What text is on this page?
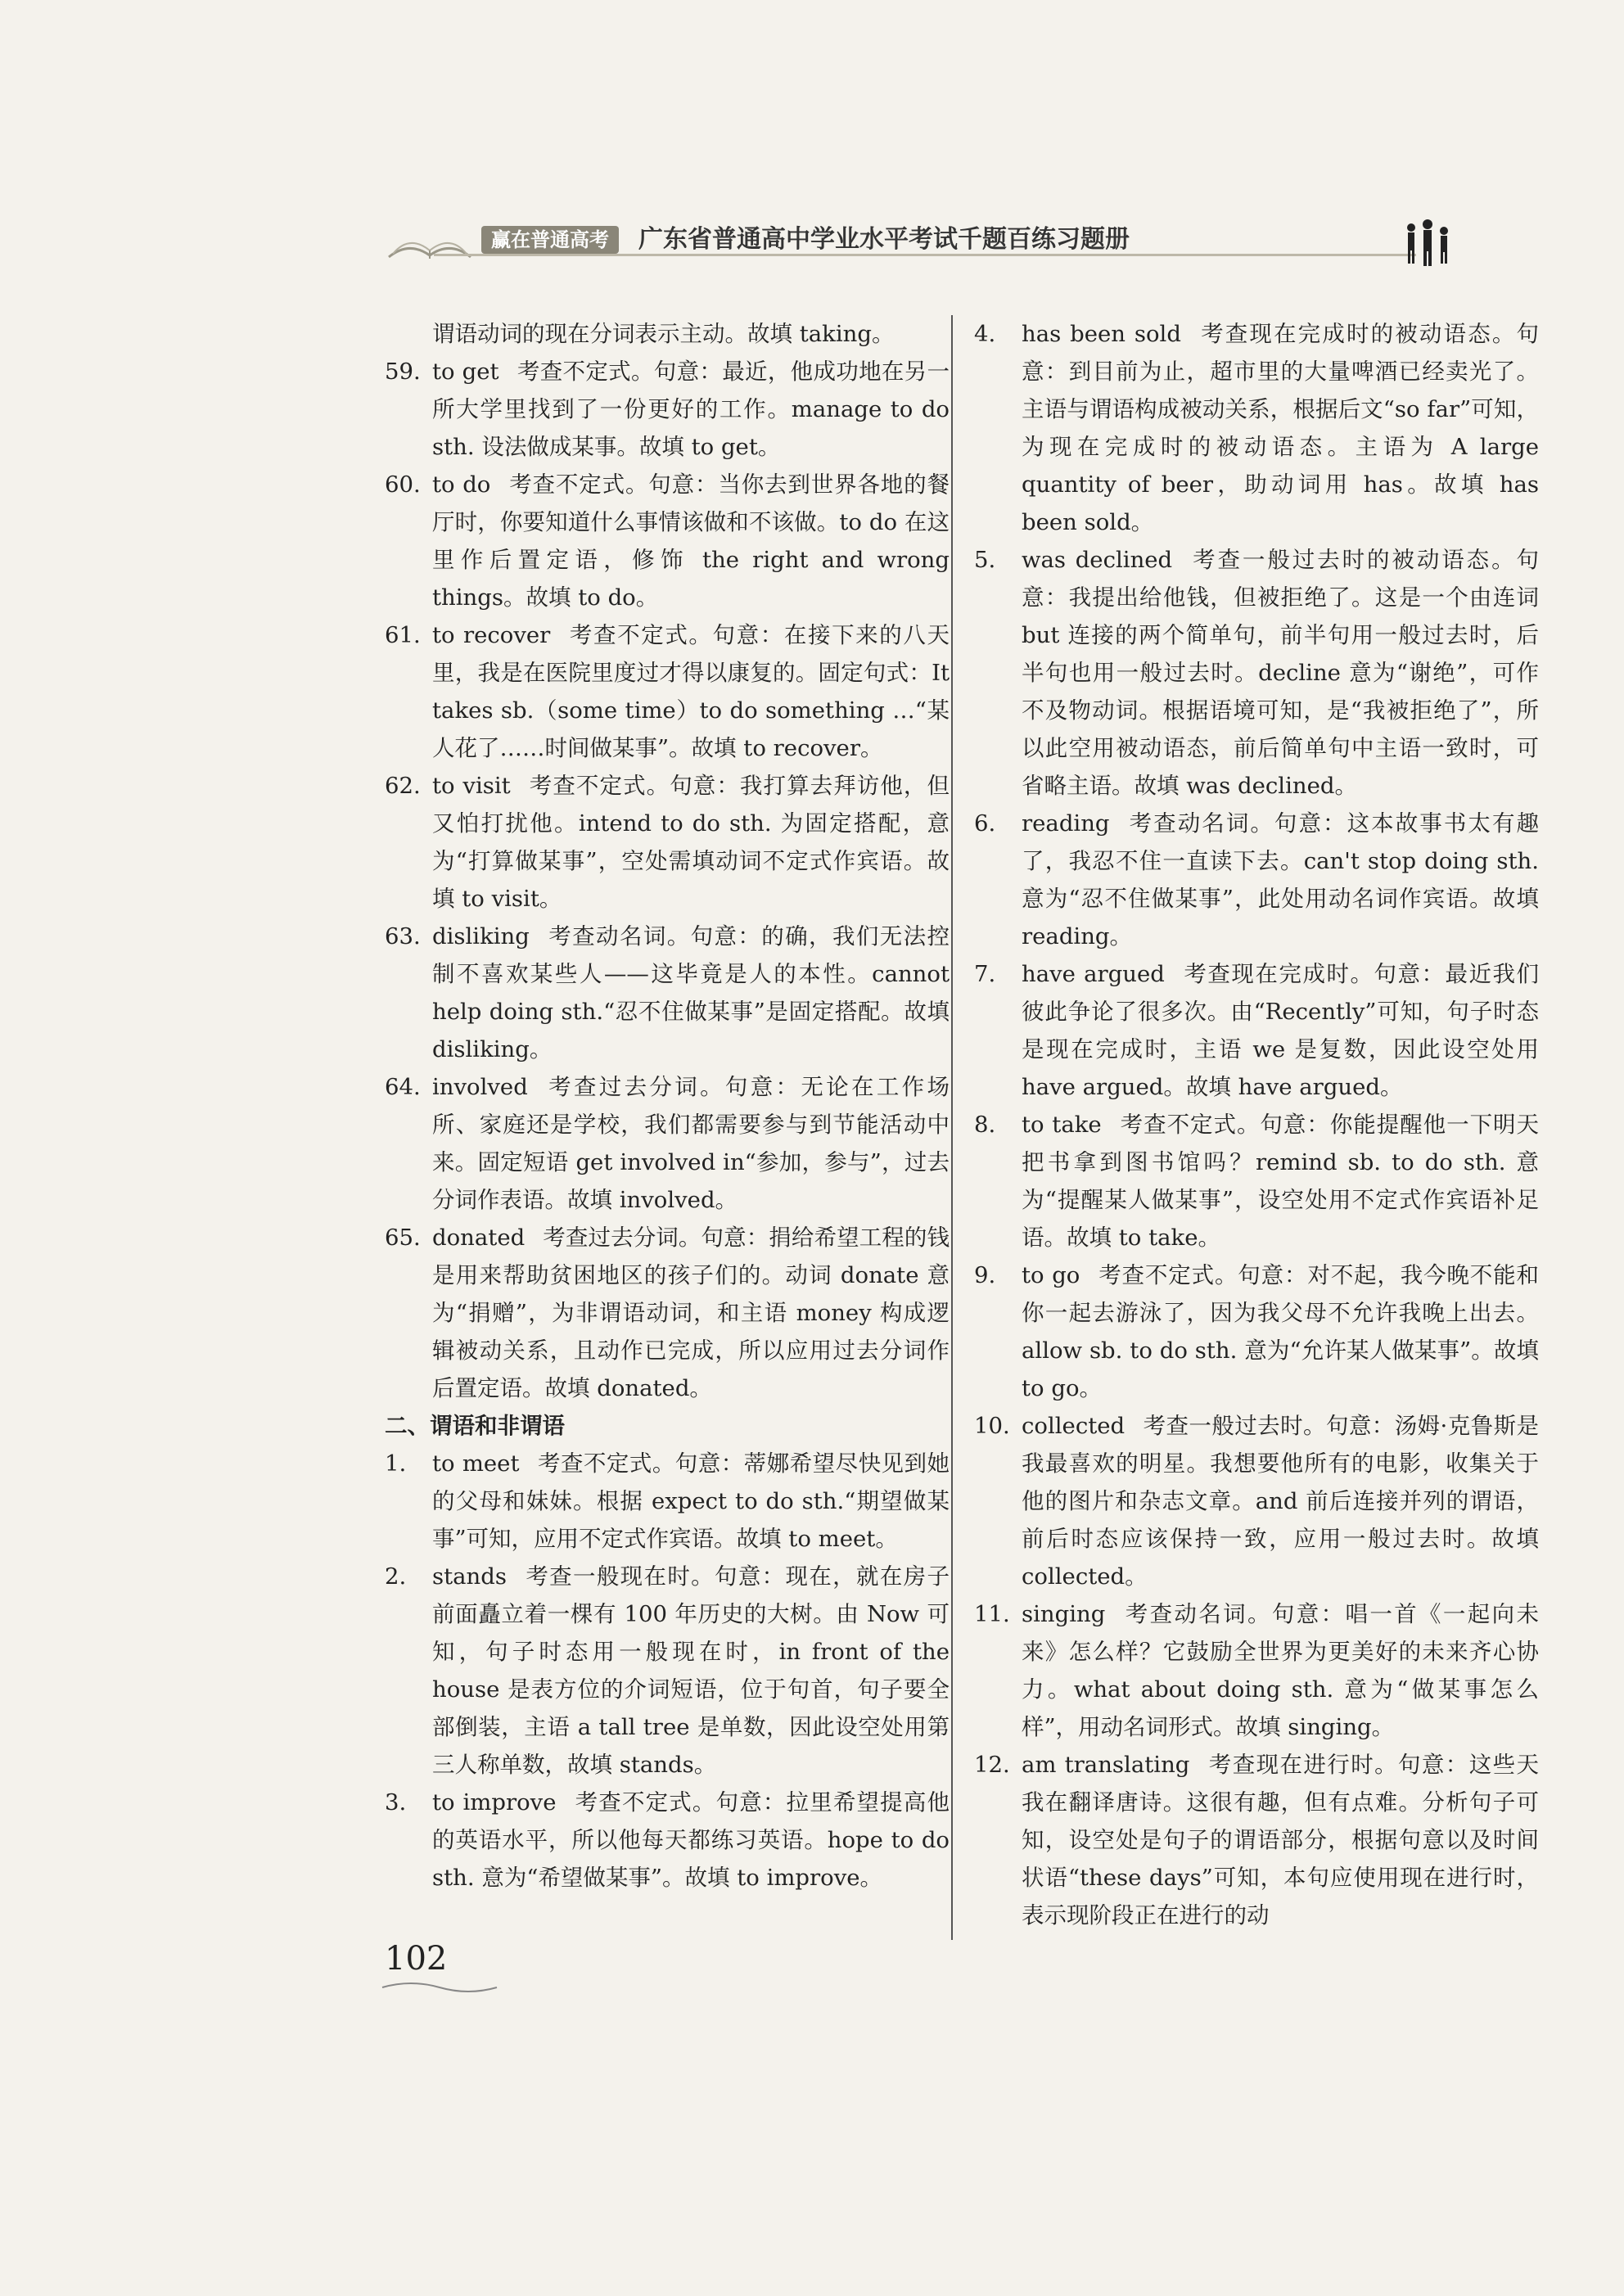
赢在普通高考	广东省普通高中学业水平考试千题百练习题册

谓语动词的现在分词表示主动。故填 taking。

59. to get 考查不定式。句意：最近，他成功地在另一所大学里找到了一份更好的工作。manage to do sth. 设法做成某事。故填 to get。

60. to do 考查不定式。句意：当你去到世界各地的餐厅时，你要知道什么事情该做和不该做。to do 在这里作后置定语，修饰 the right and wrong things。故填 to do。

61. to recover 考查不定式。句意：在接下来的八天里，我是在医院里度过才得以康复的。固定句式：It takes sb.（some time）to do something …“某人花了……时间做某事”。故填 to recover。

62. to visit 考查不定式。句意：我打算去拜访他，但又怕打扰他。intend to do sth. 为固定搭配，意为“打算做某事”，空处需填动词不定式作宾语。故填 to visit。

63. disliking 考查动名词。句意：的确，我们无法控制不喜欢某些人——这毕竟是人的本性。cannot help doing sth.“忍不住做某事”是固定搭配。故填 disliking。

64. involved 考查过去分词。句意：无论在工作场所、家庭还是学校，我们都需要参与到节能活动中来。固定短语 get involved in“参加，参与”，过去分词作表语。故填 involved。

65. donated 考查过去分词。句意：捐给希望工程的钱是用来帮助贫困地区的孩子们的。动词 donate 意为“捐赠”，为非谓语动词，和主语 money 构成逻辑被动关系，且动作已完成，所以应用过去分词作后置定语。故填 donated。

二、谓语和非谓语

1. to meet 考查不定式。句意：蒂娜希望尽快见到她的父母和妹妹。根据 expect to do sth.“期望做某事”可知，应用不定式作宾语。故填 to meet。

2. stands 考查一般现在时。句意：现在，就在房子前面矗立着一棵有 100 年历史的大树。由 Now 可知，句子时态用一般现在时，in front of the house 是表方位的介词短语，位于句首，句子要全部倒装，主语 a tall tree 是单数，因此设空处用第三人称单数，故填 stands。

3. to improve 考查不定式。句意：拉里希望提高他的英语水平，所以他每天都练习英语。hope to do sth. 意为“希望做某事”。故填 to improve。

4. has been sold 考查现在完成时的被动语态。句意：到目前为止，超市里的大量啤酒已经卖光了。主语与谓语构成被动关系，根据后文“so far”可知，为现在完成时的被动语态。主语为 A large quantity of beer，助动词用 has。故填 has been sold。

5. was declined 考查一般过去时的被动语态。句意：我提出给他钱，但被拒绝了。这是一个由连词 but 连接的两个简单句，前半句用一般过去时，后半句也用一般过去时。decline 意为“谢绝”，可作不及物动词。根据语境可知，是“我被拒绝了”，所以此空用被动语态，前后简单句中主语一致时，可省略主语。故填 was declined。

6. reading 考查动名词。句意：这本故事书太有趣了，我忍不住一直读下去。can't stop doing sth. 意为“忍不住做某事”，此处用动名词作宾语。故填 reading。

7. have argued 考查现在完成时。句意：最近我们彼此争论了很多次。由“Recently”可知，句子时态是现在完成时，主语 we 是复数，因此设空处用 have argued。故填 have argued。

8. to take 考查不定式。句意：你能提醒他一下明天把书拿到图书馆吗？remind sb. to do sth. 意为“提醒某人做某事”，设空处用不定式作宾语补足语。故填 to take。

9. to go 考查不定式。句意：对不起，我今晚不能和你一起去游泳了，因为我父母不允许我晚上出去。allow sb. to do sth. 意为“允许某人做某事”。故填 to go。

10. collected 考查一般过去时。句意：汤姆·克鲁斯是我最喜欢的明星。我想要他所有的电影，收集关于他的图片和杂志文章。and 前后连接并列的谓语，前后时态应该保持一致，应用一般过去时。故填 collected。

11. singing 考查动名词。句意：唱一首《一起向未来》怎么样？它鼓励全世界为更美好的未来齐心协力。what about doing sth. 意为“做某事怎么样”，用动名词形式。故填 singing。

12. am translating 考查现在进行时。句意：这些天我在翻译唐诗。这很有趣，但有点难。分析句子可知，设空处是句子的谓语部分，根据句意以及时间状语“these days”可知，本句应使用现在进行时，表示现阶段正在进行的动

102
